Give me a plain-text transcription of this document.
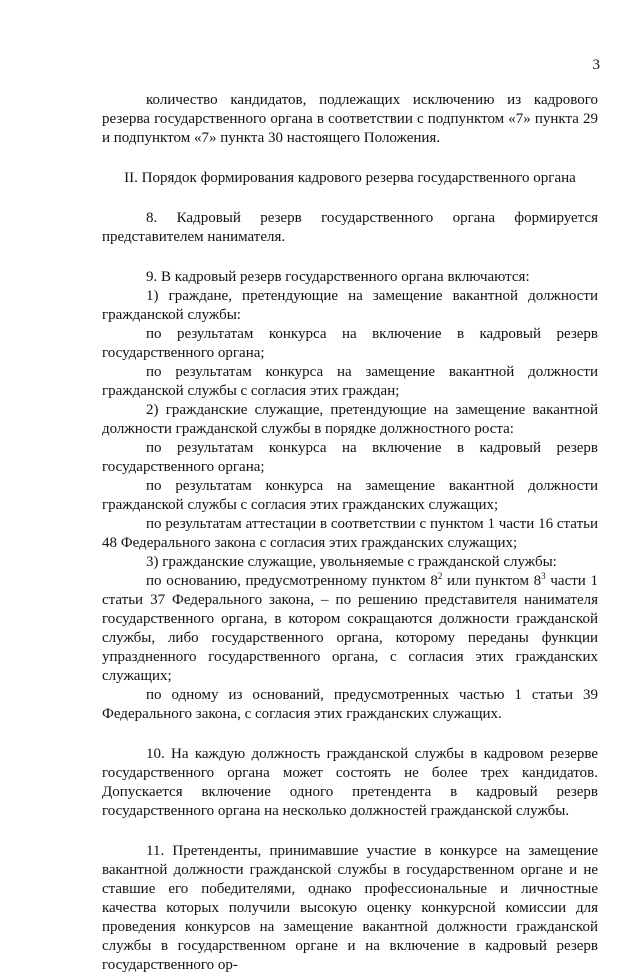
3

количество кандидатов, подлежащих исключению из кадрового резерва государственного органа в соответствии с подпунктом «7» пункта 29 и подпунктом «7» пункта 30 настоящего Положения.

II. Порядок формирования кадрового резерва государственного органа

8. Кадровый резерв государственного органа формируется представителем нанимателя.

9. В кадровый резерв государственного органа включаются:

1) граждане, претендующие на замещение вакантной должности гражданской службы:

по результатам конкурса на включение в кадровый резерв государственного органа;

по результатам конкурса на замещение вакантной должности гражданской службы с согласия этих граждан;

2) гражданские служащие, претендующие на замещение вакантной должности гражданской службы в порядке должностного роста:

по результатам конкурса на включение в кадровый резерв государственного органа;

по результатам конкурса на замещение вакантной должности гражданской службы с согласия этих гражданских служащих;

по результатам аттестации в соответствии с пунктом 1 части 16 статьи 48 Федерального закона с согласия этих гражданских служащих;

3) гражданские служащие, увольняемые с гражданской службы:

по основанию, предусмотренному пунктом $8^2$ или пунктом $8^3$ части 1 статьи 37 Федерального закона, – по решению представителя нанимателя государственного органа, в котором сокращаются должности гражданской службы, либо государственного органа, которому переданы функции упраздненного государственного органа, с согласия этих гражданских служащих;

по одному из оснований, предусмотренных частью 1 статьи 39 Федерального закона, с согласия этих гражданских служащих.

10. На каждую должность гражданской службы в кадровом резерве государственного органа может состоять не более трех кандидатов. Допускается включение одного претендента в кадровый резерв государственного органа на несколько должностей гражданской службы.

11. Претенденты, принимавшие участие в конкурсе на замещение вакантной должности гражданской службы в государственном органе и не ставшие его победителями, однако профессиональные и личностные качества которых получили высокую оценку конкурсной комиссии для проведения конкурсов на замещение вакантной должности гражданской службы в государственном органе и на включение в кадровый резерв государственного ор-
